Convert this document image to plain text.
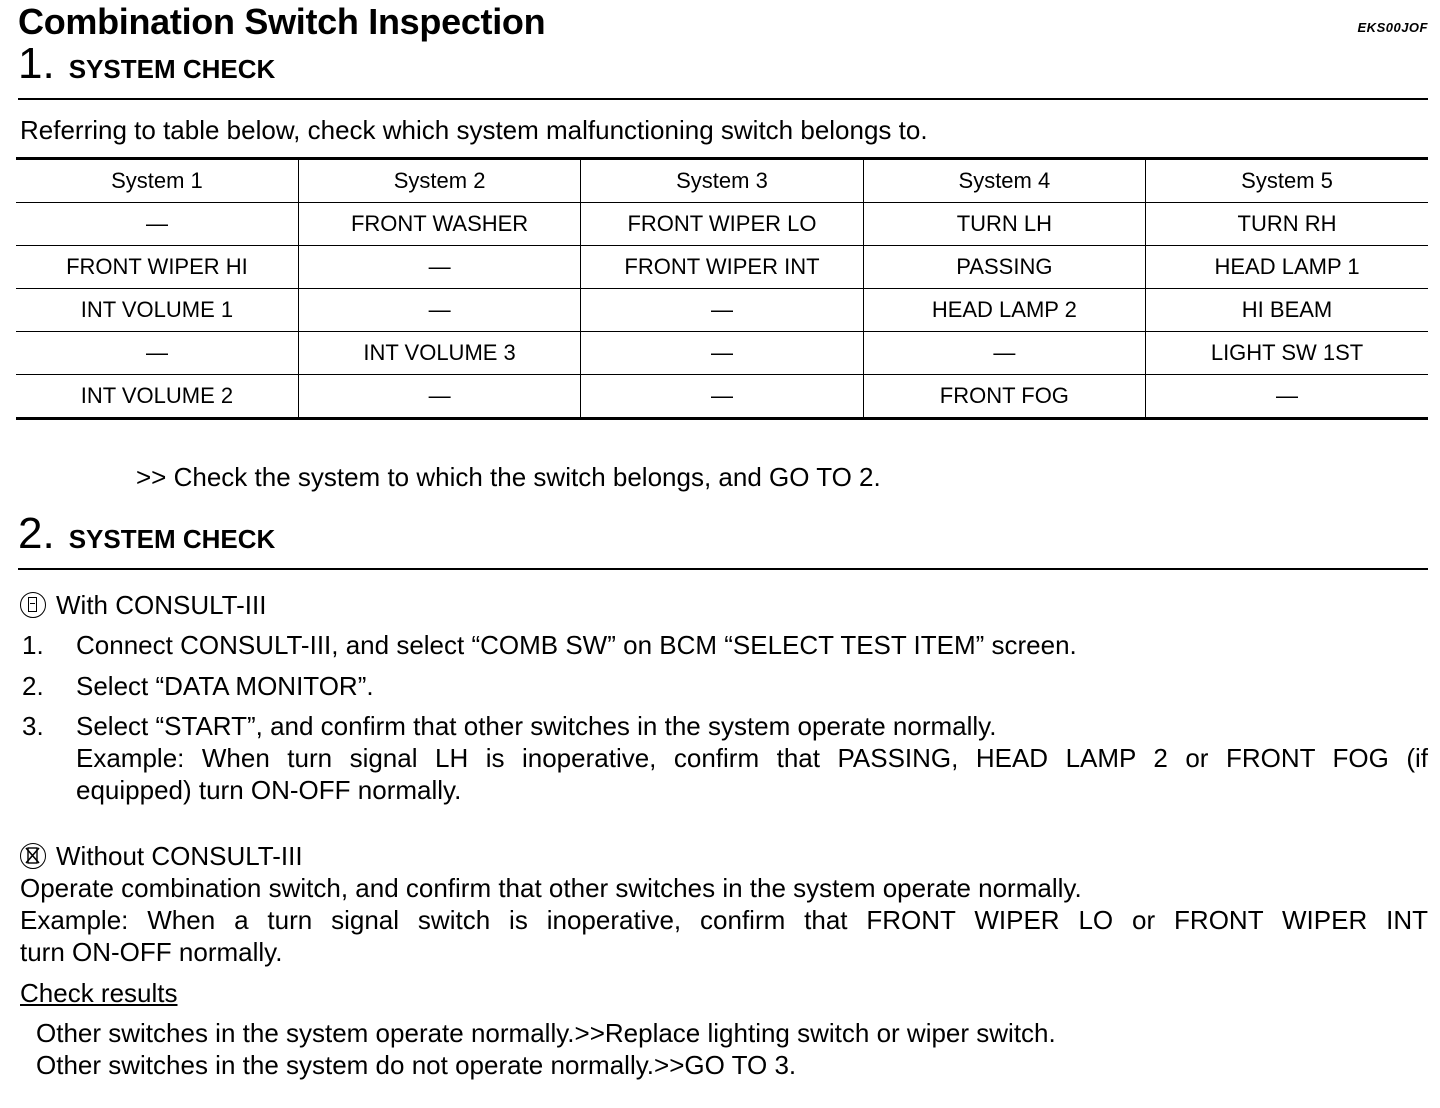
Combination Switch Inspection	EKS00JOF
1. SYSTEM CHECK
Referring to table below, check which system malfunctioning switch belongs to.
System 1	System 2	System 3	System 4	System 5
—	FRONT WASHER	FRONT WIPER LO	TURN LH	TURN RH
FRONT WIPER HI	—	FRONT WIPER INT	PASSING	HEAD LAMP 1
INT VOLUME 1	—	—	HEAD LAMP 2	HI BEAM
—	INT VOLUME 3	—	—	LIGHT SW 1ST
INT VOLUME 2	—	—	FRONT FOG	—
>> Check the system to which the switch belongs, and GO TO 2.
2. SYSTEM CHECK
With CONSULT-III
1. Connect CONSULT-III, and select “COMB SW” on BCM “SELECT TEST ITEM” screen.
2. Select “DATA MONITOR”.
3. Select “START”, and confirm that other switches in the system operate normally.
Example: When turn signal LH is inoperative, confirm that PASSING, HEAD LAMP 2 or FRONT FOG (if
equipped) turn ON-OFF normally.
Without CONSULT-III
Operate combination switch, and confirm that other switches in the system operate normally.
Example: When a turn signal switch is inoperative, confirm that FRONT WIPER LO or FRONT WIPER INT
turn ON-OFF normally.
Check results
Other switches in the system operate normally.>>Replace lighting switch or wiper switch.
Other switches in the system do not operate normally.>>GO TO 3.
